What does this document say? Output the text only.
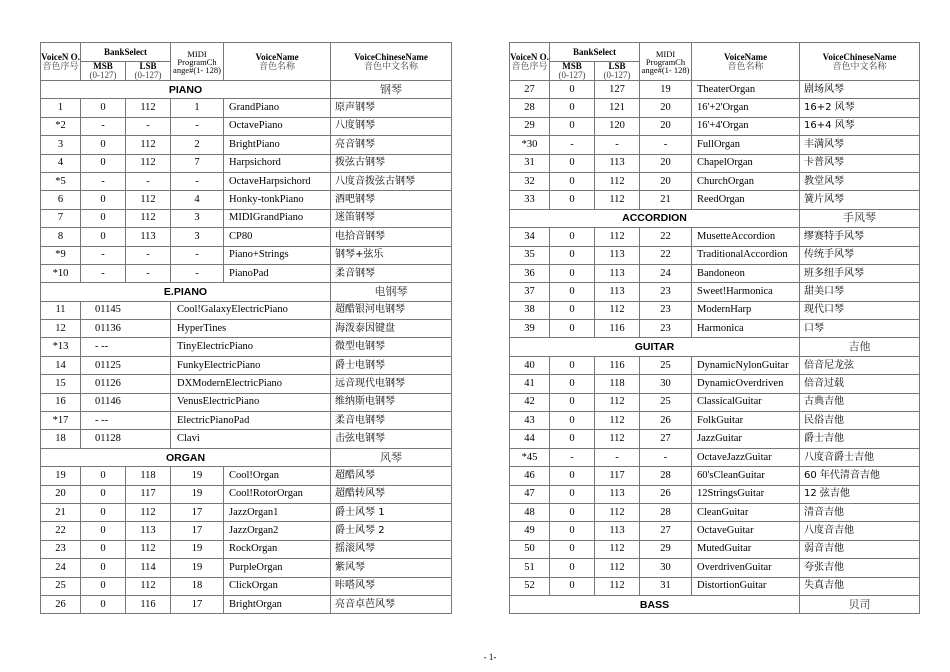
VoiceN O.
音色序号	BankSelect		MIDI ProgramCh ange#(1- 128)	VoiceName
音色名称	VoiceChineseName
音色中文名称

	MSB
(0-127)	LSB
(0-127)			

PIANO					钢琴
1	0	112	1	GrandPiano	原声钢琴
*2	-	-	-	OctavePiano	八度钢琴
3	0	112	2	BrightPiano	亮音钢琴
4	0	112	7	Harpsichord	拨弦古钢琴
*5	-	-	-	OctaveHarpsichord	八度音拨弦古钢琴
6	0	112	4	Honky-tonkPiano	酒吧钢琴
7	0	112	3	MIDIGrandPiano	迷笛钢琴
8	0	113	3	CP80	电拾音钢琴
*9	-	-	-	Piano+Strings	钢琴+弦乐
*10	-	-	-	PianoPad	柔音钢琴
E.PIANO					电钢琴
11	01145		Cool!GalaxyElectricPiano		超酷银河电钢琴
12	01136		HyperTines		海泼泰因键盘
*13	- --		TinyElectricPiano		微型电钢琴
14	01125		FunkyElectricPiano		爵士电钢琴
15	01126		DXModernElectricPiano		远音现代电钢琴
16	01146		VenusElectricPiano		维纳斯电钢琴
*17	- --		ElectricPianoPad		柔音电钢琴
18	01128		Clavi		击弦电钢琴
ORGAN					风琴
19	0	118	19	Cool!Organ	超酷风琴
20	0	117	19	Cool!RotorOrgan	超酷转风琴
21	0	112	17	JazzOrgan1	爵士风琴 1
22	0	113	17	JazzOrgan2	爵士风琴 2
23	0	112	19	RockOrgan	摇滚风琴
24	0	114	19	PurpleOrgan	紫风琴
25	0	112	18	ClickOrgan	咔嗒风琴
26	0	116	17	BrightOrgan	亮音卓芭风琴
VoiceN O.
音色序号	BankSelect		MIDI ProgramCh ange#(1- 128)	VoiceName
音色名称	VoiceChineseName
音色中文名称

	MSB
(0-127)	LSB
(0-127)			

27	0	127	19	TheaterOrgan	剧场风琴
28	0	121	20	16'+2'Organ	16+2 风琴
29	0	120	20	16'+4'Organ	16+4 风琴
*30	-	-	-	FullOrgan	丰满风琴
31	0	113	20	ChapelOrgan	卡普风琴
32	0	112	20	ChurchOrgan	教堂风琴
33	0	112	21	ReedOrgan	簧片风琴
ACCORDION					手风琴
34	0	112	22	MusetteAccordion	缪赛特手风琴
35	0	113	22	TraditionalAccordion	传统手风琴
36	0	113	24	Bandoneon	班多纽手风琴
37	0	113	23	Sweet!Harmonica	甜美口琴
38	0	112	23	ModernHarp	现代口琴
39	0	116	23	Harmonica	口琴
GUITAR					吉他
40	0	116	25	DynamicNylonGuitar	倍音尼龙弦
41	0	118	30	DynamicOverdriven	倍音过载
42	0	112	25	ClassicalGuitar	古典吉他
43	0	112	26	FolkGuitar	民俗吉他
44	0	112	27	JazzGuitar	爵士吉他
*45	-	-	-	OctaveJazzGuitar	八度音爵士吉他
46	0	117	28	60'sCleanGuitar	60 年代清音吉他
47	0	113	26	12StringsGuitar	12 弦吉他
48	0	112	28	CleanGuitar	清音吉他
49	0	113	27	OctaveGuitar	八度音吉他
50	0	112	29	MutedGuitar	弱音吉他
51	0	112	30	OverdrivenGuitar	夸张吉他
52	0	112	31	DistortionGuitar	失真吉他
BASS					贝司
- 1-
